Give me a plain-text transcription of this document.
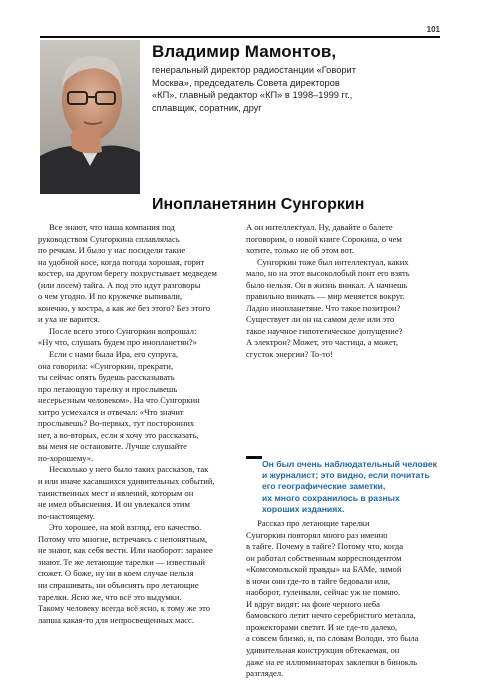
101
Владимир Мамонтов,
генеральный директор радиостанции «Говорит Москва», председатель Совета директоров «КП», главный редактор «КП» в 1998–1999 гг., сплавщик, соратник, друг
Инопланетянин Сунгоркин

Все знают, что наша компания под
руководством Сунгоркина сплавлялась
по речкам. И было у нас посидели такие
на удобной косе, когда погода хорошая, горит
костер, на другом берегу похрустывает медведем
(или лосем) тайга. А под это идут разговоры
о чем угодно. И по кружечке выпивали,
конечно, у костра, а как же без этого? Без этого
и уха не варится.

После всего этого Сунгоркин вопрошал:
«Ну что, слушать будем про инопланетян?»

Если с нами была Ира, его супруга,
она говорила: «Сунгоркин, прекрати,
ты сейчас опять будешь рассказывать
про летающую тарелку и прослывешь
несерьезным человеком». На что Сунгоркин
хитро усмехался и отвечал: «Что значит
прослывешь? Во-первых, тут посторонних
нет, а во-вторых, если я хочу это рассказать,
вы меня не остановите. Лучше слушайте
по-хорошему».

Несколько у него было таких рассказов, так
и или иначе касавшихся удивительных событий,
таинственных мест и явлений, которым он
не имел объяснения. И он увлекался этим
по-настоящему.

Это хорошее, на мой взгляд, его качество.
Потому что многие, встречаясь с непонятным,
не знают, как себя вести. Или наоборот: заранее
знают. Те же летающие тарелки — известный
сюжет. О боже, ну ни в коем случае нельзя
ни спрашивать, ни объяснять про летающие
тарелки. Ясно же, что всё это выдумки.
Такому человеку всегда всё ясно, к тому же это
лапша какая-то для непросвещенных масс.

А он интеллектуал. Ну, давайте о балете
поговорим, о новой книге Сорокина, о чем
хотите, только не об этом вот.

Сунгоркин тоже был интеллектуал, каких
мало, но на этот высоколобый понт его взять
было нельзя. Он в жизнь вникал. А начнешь
правильно вникать — мир меняется вокруг.
Ладно инопланетяне. Что такое позитрон?
Существует ли он на самом деле или это
такое научное гипотетическое допущение?
А электрон? Может, это частица, а может,
сгусток энергии? То-то!

Он был очень наблюдательный человек
и журналист; это видно, если почитать
его географические заметки,
их много сохранилось в разных
хороших изданиях.

Рассказ про летающие тарелки
Сунгоркин повторял много раз именно
в тайге. Почему в тайге? Потому что, когда
он работал собственным корреспондентом
«Комсомольской правды» на БАМе, зимой
в ночи они где-то в тайге бедовали или,
наоборот, гуленвали, сейчас уж не помню.
И вдруг видят: на фоне черного неба
бамовского летит нечто серебристого металла,
прожекторами светит. И не где-то далеко,
а совсем близко, и, по словам Володи, это была
удивительная конструкция обтекаемая, он
даже на ее иллюминаторах заклепки в бинокль
разглядел.
